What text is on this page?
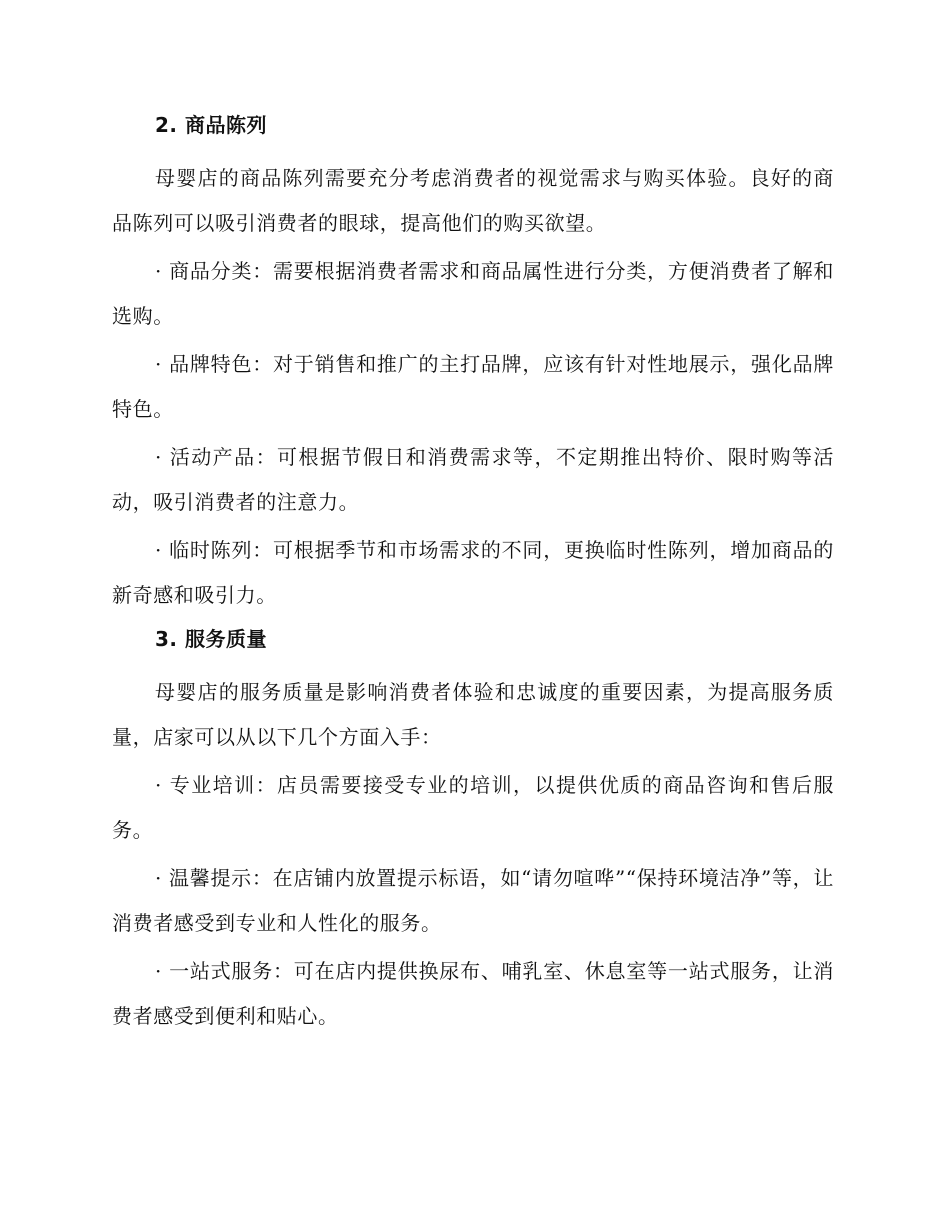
2. 商品陈列

母婴店的商品陈列需要充分考虑消费者的视觉需求与购买体验。良好的商品陈列可以吸引消费者的眼球，提高他们的购买欲望。

· 商品分类：需要根据消费者需求和商品属性进行分类，方便消费者了解和选购。

· 品牌特色：对于销售和推广的主打品牌，应该有针对性地展示，强化品牌特色。

· 活动产品：可根据节假日和消费需求等，不定期推出特价、限时购等活动，吸引消费者的注意力。

· 临时陈列：可根据季节和市场需求的不同，更换临时性陈列，增加商品的新奇感和吸引力。

3. 服务质量

母婴店的服务质量是影响消费者体验和忠诚度的重要因素，为提高服务质量，店家可以从以下几个方面入手：

· 专业培训：店员需要接受专业的培训，以提供优质的商品咨询和售后服务。

· 温馨提示：在店铺内放置提示标语，如“请勿喧哗”“保持环境洁净”等，让消费者感受到专业和人性化的服务。

· 一站式服务：可在店内提供换尿布、哺乳室、休息室等一站式服务，让消费者感受到便利和贴心。
